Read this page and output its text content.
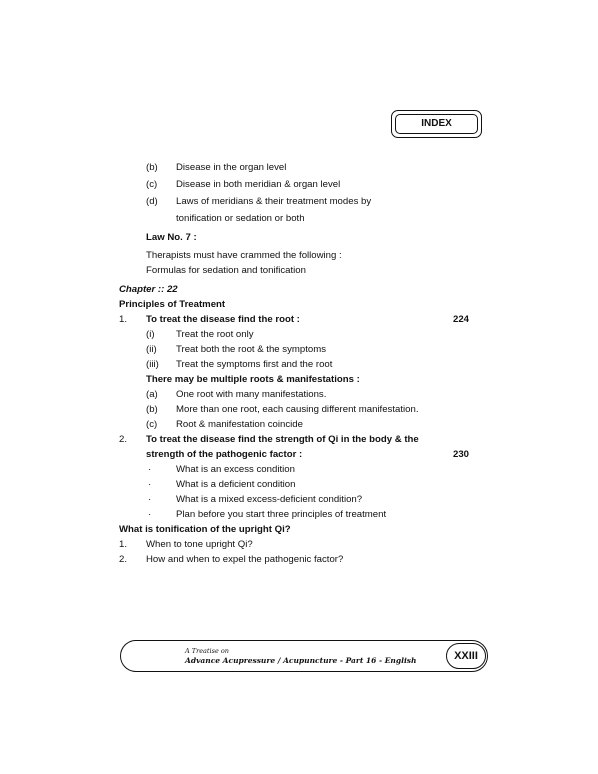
INDEX
(b) Disease in the organ level
(c) Disease in both meridian & organ level
(d) Laws of meridians & their treatment modes by
tonification or sedation or both
Law No. 7 :
Therapists must have crammed the following :
Formulas for sedation and tonification
Chapter :: 22
Principles of Treatment
1. To treat the disease find the root :	224
(i) Treat the root only
(ii) Treat both the root & the symptoms
(iii) Treat the symptoms first and the root
There may be multiple roots & manifestations :
(a) One root with many manifestations.
(b) More than one root, each causing different manifestation.
(c) Root & manifestation coincide
2. To treat the disease find the strength of Qi in the body & the
strength of the pathogenic factor :	230
·	What is an excess condition
·	What is a deficient condition
·	What is a mixed excess-deficient condition?
·	Plan before you start three principles of treatment
What is tonification of the upright Qi?
1. When to tone upright Qi?
2. How and when to expel the pathogenic factor?
A Treatise on
Advance Acupressure / Acupuncture - Part 16 - English	XXIII
